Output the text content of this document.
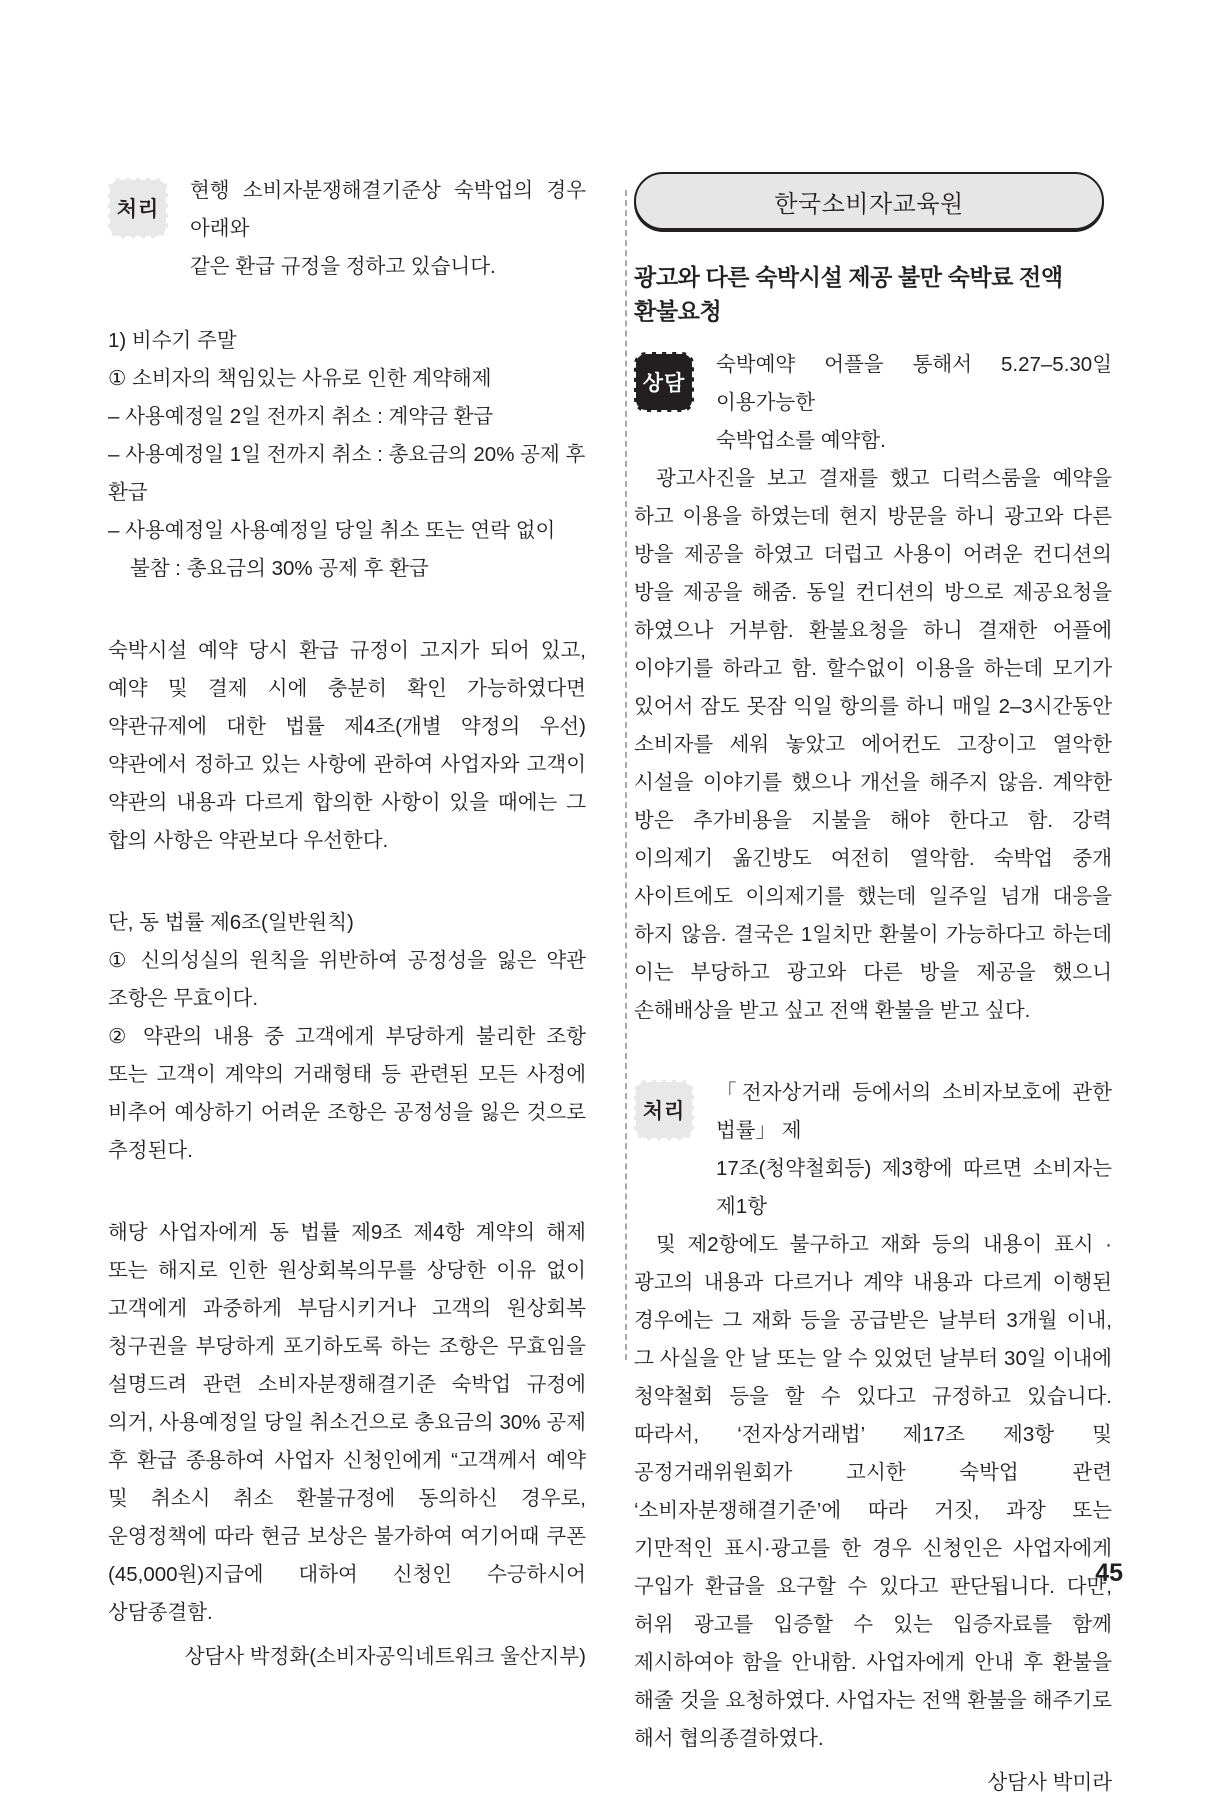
처리
현행 소비자분쟁해결기준상 숙박업의 경우 아래와
같은 환급 규정을 정하고 있습니다.
1) 비수기 주말
① 소비자의 책임있는 사유로 인한 계약해제
– 사용예정일 2일 전까지 취소 : 계약금 환급
– 사용예정일 1일 전까지 취소 : 총요금의 20% 공제 후 환급
– 사용예정일 사용예정일 당일 취소 또는 연락 없이 불참 : 총요금의 30% 공제 후 환급
숙박시설 예약 당시 환급 규정이 고지가 되어 있고, 예약 및 결제 시에 충분히 확인 가능하였다면 약관규제에 대한 법률 제4조(개별 약정의 우선) 약관에서 정하고 있는 사항에 관하여 사업자와 고객이 약관의 내용과 다르게 합의한 사항이 있을 때에는 그 합의 사항은 약관보다 우선한다.
단, 동 법률 제6조(일반원칙)
① 신의성실의 원칙을 위반하여 공정성을 잃은 약관 조항은 무효이다.
② 약관의 내용 중 고객에게 부당하게 불리한 조항 또는 고객이 계약의 거래형태 등 관련된 모든 사정에 비추어 예상하기 어려운 조항은 공정성을 잃은 것으로 추정된다.
해당 사업자에게 동 법률 제9조 제4항 계약의 해제 또는 해지로 인한 원상회복의무를 상당한 이유 없이 고객에게 과중하게 부담시키거나 고객의 원상회복 청구권을 부당하게 포기하도록 하는 조항은 무효임을 설명드려 관련 소비자분쟁해결기준 숙박업 규정에 의거, 사용예정일 당일 취소건으로 총요금의 30% 공제 후 환급 종용하여 사업자 신청인에게 “고객께서 예약 및 취소시 취소 환불규정에 동의하신 경우로, 운영정책에 따라 현금 보상은 불가하여 여기어때 쿠폰(45,000원)지급에 대하여 신청인 수긍하시어 상담종결함.
상담사 박정화(소비자공익네트워크 울산지부)
한국소비자교육원
광고와 다른 숙박시설 제공 불만 숙박료 전액 환불요청
상담
숙박예약 어플을 통해서 5.27–5.30일 이용가능한
숙박업소를 예약함.
광고사진을 보고 결재를 했고 디럭스룸을 예약을 하고 이용을 하였는데 현지 방문을 하니 광고와 다른 방을 제공을 하였고 더럽고 사용이 어려운 컨디션의 방을 제공을 해줌. 동일 컨디션의 방으로 제공요청을 하였으나 거부함. 환불요청을 하니 결재한 어플에 이야기를 하라고 함. 할수없이 이용을 하는데 모기가 있어서 잠도 못잠 익일 항의를 하니 매일 2–3시간동안 소비자를 세워 놓았고 에어컨도 고장이고 열악한 시설을 이야기를 했으나 개선을 해주지 않음. 계약한 방은 추가비용을 지불을 해야 한다고 함. 강력 이의제기 옮긴방도 여전히 열악함. 숙박업 중개 사이트에도 이의제기를 했는데 일주일 넘개 대응을 하지 않음. 결국은 1일치만 환불이 가능하다고 하는데 이는 부당하고 광고와 다른 방을 제공을 했으니 손해배상을 받고 싶고 전액 환불을 받고 싶다.
처리
「전자상거래 등에서의 소비자보호에 관한 법률」 제
17조(청약철회등) 제3항에 따르면 소비자는 제1항
및 제2항에도 불구하고 재화 등의 내용이 표시 · 광고의 내용과 다르거나 계약 내용과 다르게 이행된 경우에는 그 재화 등을 공급받은 날부터 3개월 이내, 그 사실을 안 날 또는 알 수 있었던 날부터 30일 이내에 청약철회 등을 할 수 있다고 규정하고 있습니다. 따라서, ‘전자상거래법’ 제17조 제3항 및 공정거래위원회가 고시한 숙박업 관련 ‘소비자분쟁해결기준’에 따라 거짓, 과장 또는 기만적인 표시·광고를 한 경우 신청인은 사업자에게 구입가 환급을 요구할 수 있다고 판단됩니다. 다만, 허위 광고를 입증할 수 있는 입증자료를 함께 제시하여야 함을 안내함. 사업자에게 안내 후 환불을 해줄 것을 요청하였다. 사업자는 전액 환불을 해주기로 해서 협의종결하였다.
상담사 박미라
45
